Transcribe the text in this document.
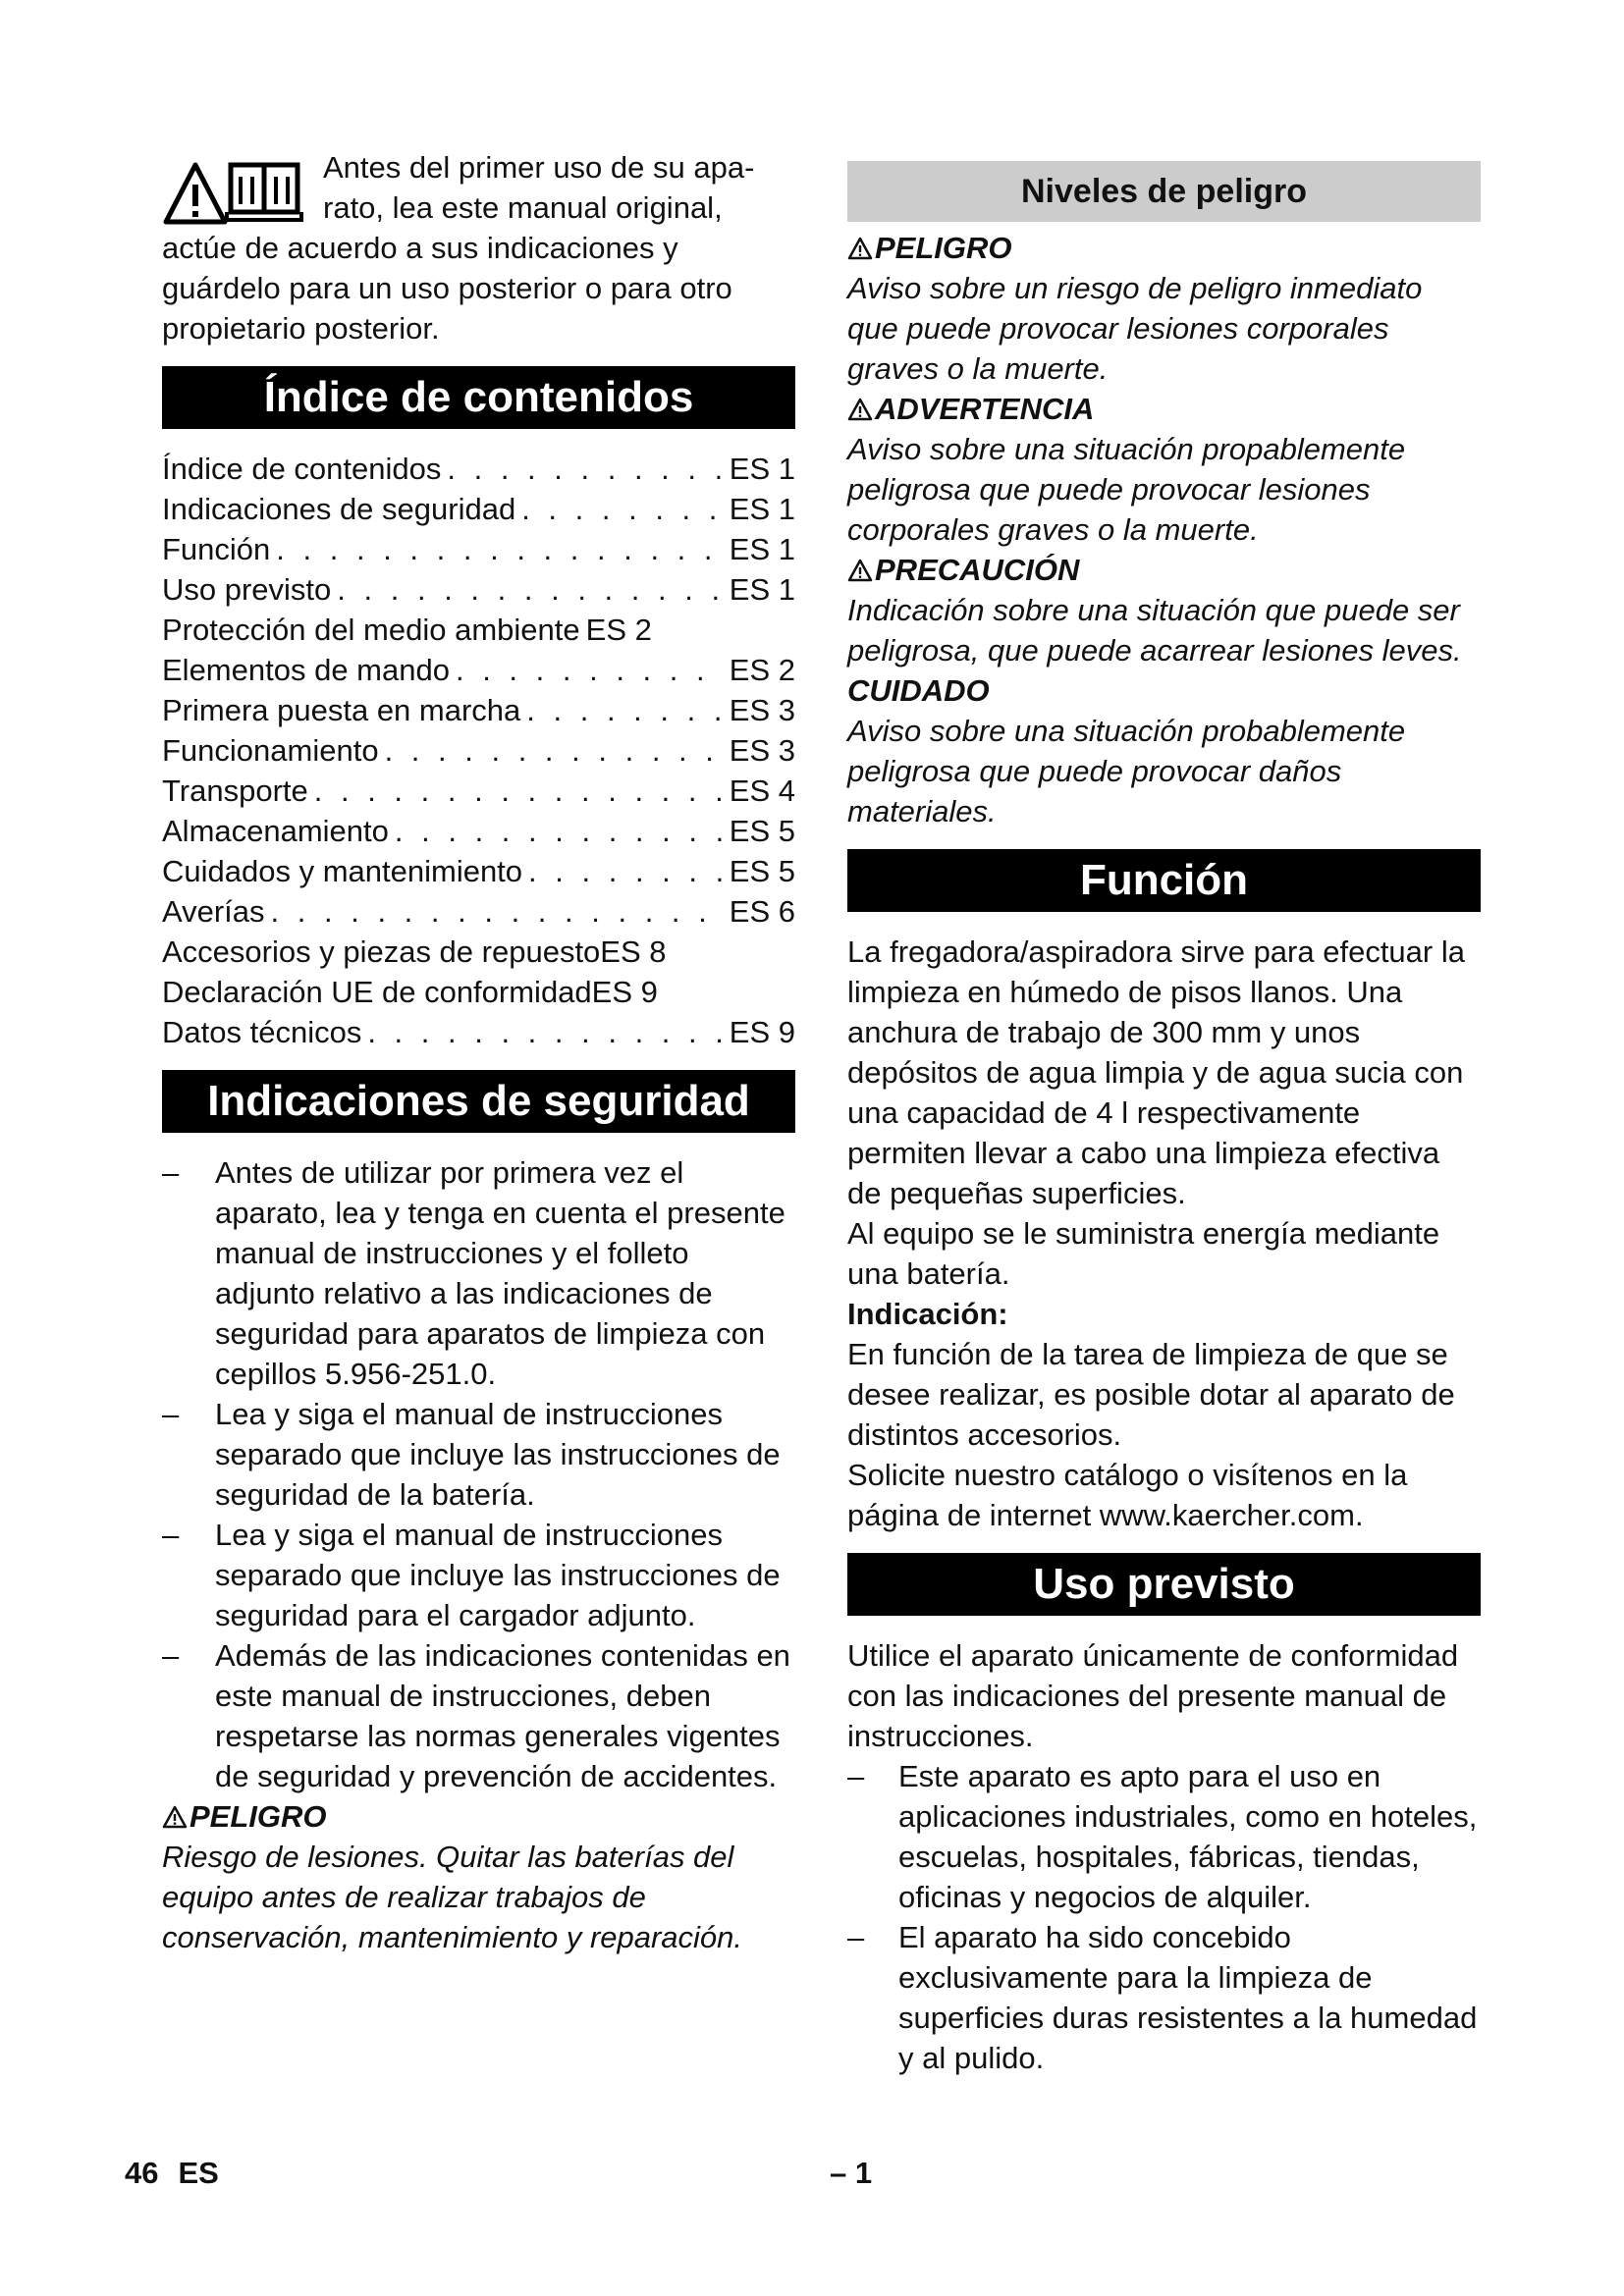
Antes del primer uso de su apa-

rato, lea este manual original,

actúe de acuerdo a sus indicaciones y guárdelo para un uso posterior o para otro propietario posterior.

Índice de contenidos
Índice de contenidos . . .	ES 1
Indicaciones de seguridad . . .	ES 1
Función . . .	ES 1
Uso previsto . . .	ES 1
Protección del medio ambiente ES 2
Elementos de mando . . .	ES 2
Primera puesta en marcha . . .	ES 3
Funcionamiento . . .	ES 3
Transporte . . .	ES 4
Almacenamiento . . .	ES 5
Cuidados y mantenimiento . . .	ES 5
Averías . . .	ES 6
Accesorios y piezas de repuesto ES 8
Declaración UE de conformidad ES 9
Datos técnicos . . .	ES 9
Indicaciones de seguridad
– Antes de utilizar por primera vez el aparato, lea y tenga en cuenta el presente manual de instrucciones y el folleto adjunto relativo a las indicaciones de seguridad para aparatos de limpieza con cepillos 5.956-251.0.
– Lea y siga el manual de instrucciones separado que incluye las instrucciones de seguridad de la batería.
– Lea y siga el manual de instrucciones separado que incluye las instrucciones de seguridad para el cargador adjunto.
– Además de las indicaciones contenidas en este manual de instrucciones, deben respetarse las normas generales vigentes de seguridad y prevención de accidentes.
PELIGRO

Riesgo de lesiones. Quitar las baterías del equipo antes de realizar trabajos de conservación, mantenimiento y reparación.

Niveles de peligro
PELIGRO

Aviso sobre un riesgo de peligro inmediato que puede provocar lesiones corporales graves o la muerte.

ADVERTENCIA

Aviso sobre una situación propablemente peligrosa que puede provocar lesiones corporales graves o la muerte.

PRECAUCIÓN

Indicación sobre una situación que puede ser peligrosa, que puede acarrear lesiones leves.

CUIDADO

Aviso sobre una situación probablemente peligrosa que puede provocar daños materiales.

Función

La fregadora/aspiradora sirve para efectuar la limpieza en húmedo de pisos llanos. Una anchura de trabajo de 300 mm y unos depósitos de agua limpia y de agua sucia con una capacidad de 4 l respectivamente permiten llevar a cabo una limpieza efectiva de pequeñas superficies.

Al equipo se le suministra energía mediante una batería.

Indicación:

En función de la tarea de limpieza de que se desee realizar, es posible dotar al aparato de distintos accesorios.

Solicite nuestro catálogo o visítenos en la página de internet www.kaercher.com.

Uso previsto

Utilice el aparato únicamente de conformidad con las indicaciones del presente manual de instrucciones.

– Este aparato es apto para el uso en aplicaciones industriales, como en hoteles, escuelas, hospitales, fábricas, tiendas, oficinas y negocios de alquiler.
– El aparato ha sido concebido exclusivamente para la limpieza de superficies duras resistentes a la humedad y al pulido.
46 ES	– 1
